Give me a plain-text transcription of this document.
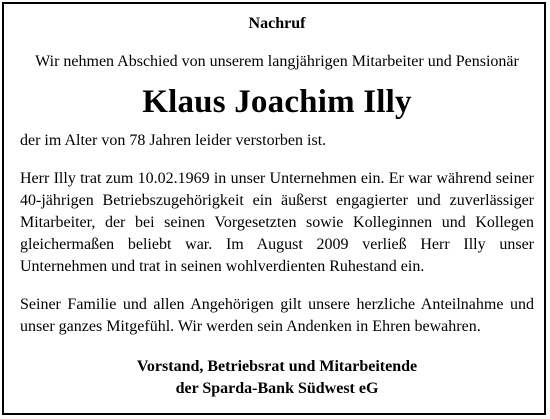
Nachruf

Wir nehmen Abschied von unserem langjährigen Mitarbeiter und Pensionär

Klaus Joachim Illy

der im Alter von 78 Jahren leider verstorben ist.

Herr Illy trat zum 10.02.1969 in unser Unternehmen ein. Er war während seiner 40-jährigen Betriebszugehörigkeit ein äußerst engagierter und zuverlässiger Mitarbeiter, der bei seinen Vorgesetzten sowie Kolleginnen und Kollegen gleichermaßen beliebt war. Im August 2009 verließ Herr Illy unser Unternehmen und trat in seinen wohlverdienten Ruhestand ein.

Seiner Familie und allen Angehörigen gilt unsere herzliche Anteilnahme und unser ganzes Mitgefühl. Wir werden sein Andenken in Ehren bewahren.

Vorstand, Betriebsrat und Mitarbeitende
der Sparda-Bank Südwest eG
